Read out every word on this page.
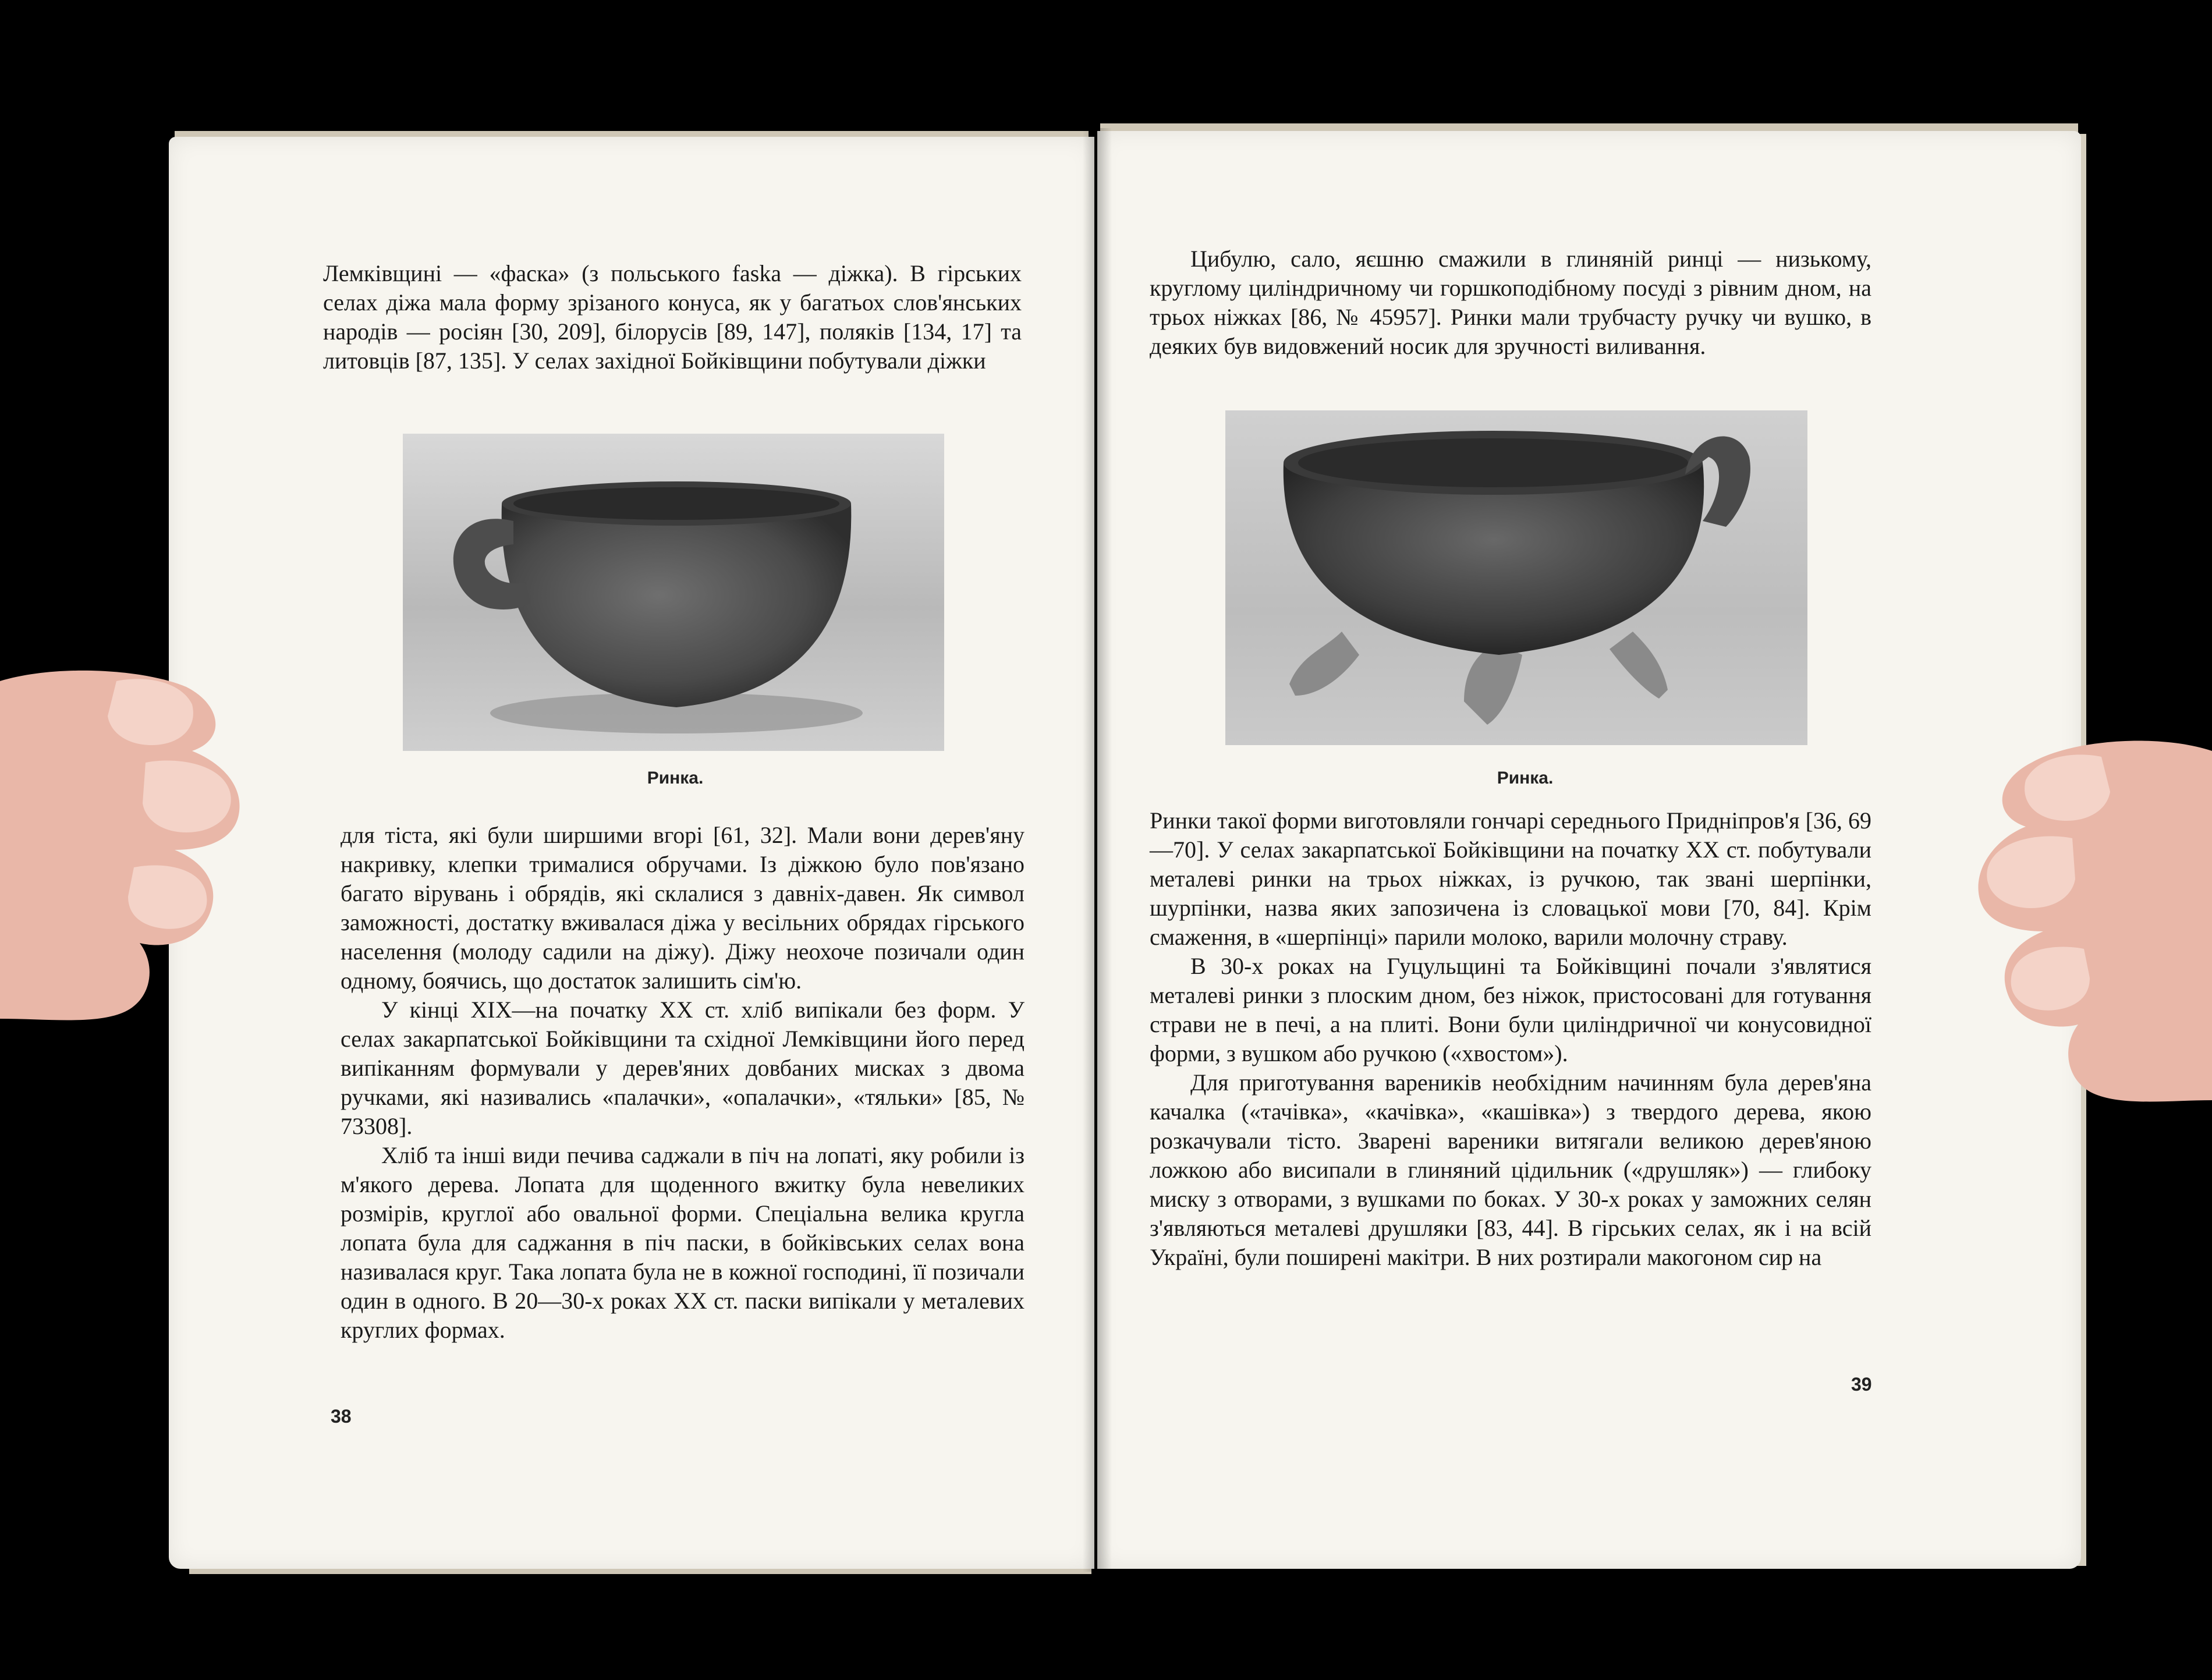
Лемківщині — «фаска» (з польського faska — діжка). В гірських селах діжа мала форму зрізаного конуса, як у багатьох слов'янських народів — росіян [30, 209], білорусів [89, 147], поляків [134, 17] та литовців [87, 135]. У селах західної Бойківщини побутували діжки

Ринка.

для тіста, які були ширшими вгорі [61, 32]. Мали вони дерев'яну накривку, клепки трималися обручами. Із діжкою було пов'язано багато вірувань і обрядів, які склалися з давніх-давен. Як символ заможності, достатку вживалася діжа у весільних обрядах гірського населення (молоду садили на діжу). Діжу неохоче позичали один одному, боячись, що достаток залишить сім'ю.

У кінці XIX—на початку XX ст. хліб випікали без форм. У селах закарпатської Бойківщини та східної Лемківщини його перед випіканням формували у дерев'яних довбаних мисках з двома ручками, які називались «палачки», «опалачки», «тяльки» [85, № 73308].

Хліб та інші види печива саджали в піч на лопаті, яку робили із м'якого дерева. Лопата для щоденного вжитку була невеликих розмірів, круглої або овальної форми. Спеціальна велика кругла лопата була для саджання в піч паски, в бойківських селах вона називалася круг. Така лопата була не в кожної господині, її позичали один в одного. В 20—30-х роках XX ст. паски випікали у металевих круглих формах.

38

Цибулю, сало, яєшню смажили в глиняній ринці — низькому, круглому циліндричному чи горшкоподібному посуді з рівним дном, на трьох ніжках [86, № 45957]. Ринки мали трубчасту ручку чи вушко, в деяких був видовжений носик для зручності виливання.

Ринка.

Ринки такої форми виготовляли гончарі середнього Придніпров'я [36, 69—70]. У селах закарпатської Бойківщини на початку XX ст. побутували металеві ринки на трьох ніжках, із ручкою, так звані шерпінки, шурпінки, назва яких запозичена із словацької мови [70, 84]. Крім смаження, в «шерпінці» парили молоко, варили молочну страву.

В 30-х роках на Гуцульщині та Бойківщині почали з'являтися металеві ринки з плоским дном, без ніжок, пристосовані для готування страви не в печі, а на плиті. Вони були циліндричної чи конусовидної форми, з вушком або ручкою («хвостом»).

Для приготування вареників необхідним начинням була дерев'яна качалка («тачівка», «качівка», «кашівка») з твердого дерева, якою розкачували тісто. Зварені вареники витягали великою дерев'яною ложкою або висипали в глиняний цідильник («друшляк») — глибоку миску з отворами, з вушками по боках. У 30-х роках у заможних селян з'являються металеві друшляки [83, 44]. В гірських селах, як і на всій Україні, були поширені макітри. В них розтирали макогоном сир на

39
